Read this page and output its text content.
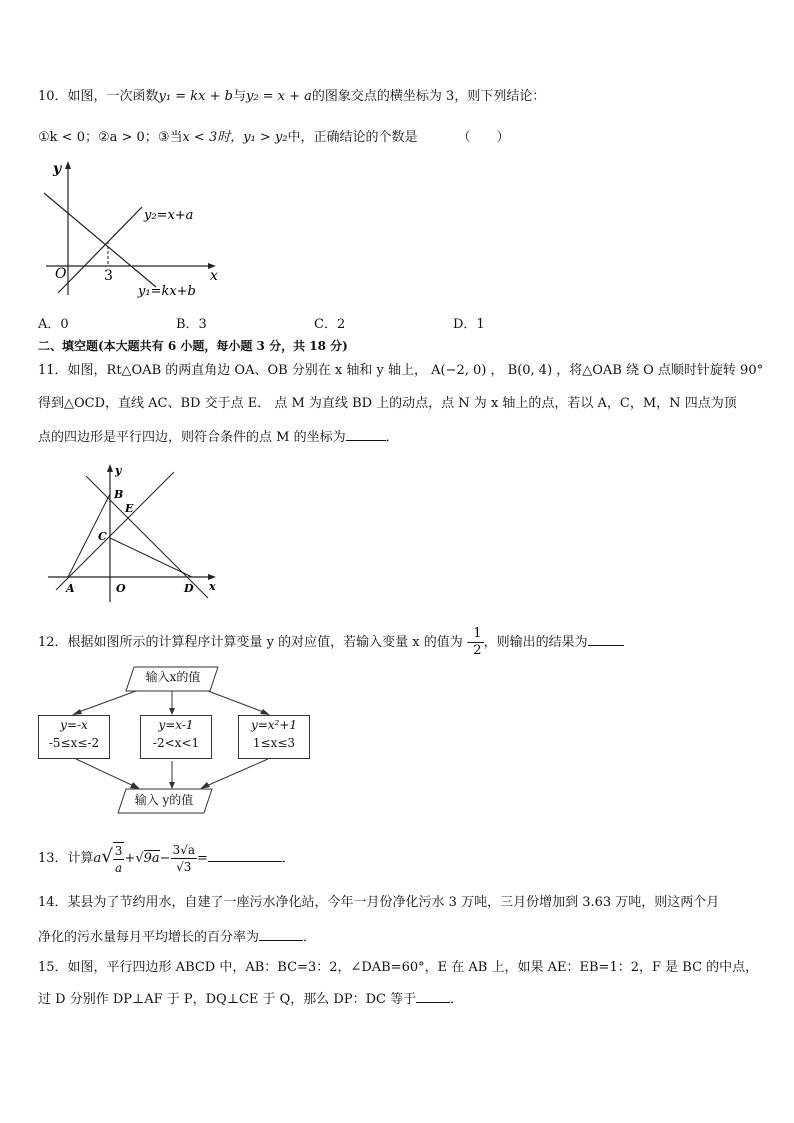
10．如图，一次函数y₁ = kx + b与y₂ = x + a的图象交点的横坐标为 3，则下列结论：
①k < 0；②a > 0；③当x < 3时，y₁ > y₂中，正确结论的个数是	（　　）
y
x
O	3
y₂=x+a
y₁=kx+b
A．0	B．3	C．2	D．1
二、填空题(本大题共有 6 小题，每小题 3 分，共 18 分)
11．如图，Rt△OAB 的两直角边 OA、OB 分别在 x 轴和 y 轴上， A(−2, 0) ， B(0, 4) ，将△OAB 绕 O 点顺时针旋转 90°
得到△OCD，直线 AC、BD 交于点 E． 点 M 为直线 BD 上的动点，点 N 为 x 轴上的点，若以 A，C，M，N 四点为顶
点的四边形是平行四边，则符合条件的点 M 的坐标为	．
y
x
B
E
C
A	O	D
12．根据如图所示的计算程序计算变量 y 的对应值，若输入变量 x 的值为 - $\frac{1}{2}$ ，则输出的结果为
输入x的值
y=-x
-5≤x≤-2
y=x-1
-2<x<1
y=x²+1
1≤x≤3
输入 y的值
13．计算$a√ \frac{3}{a} +√9a- \frac{3√a}{√3}$ =	．
14．某县为了节约用水，自建了一座污水净化站，今年一月份净化污水 3 万吨，三月份增加到 3.63 万吨，则这两个月
净化的污水量每月平均增长的百分率为	．
15．如图，平行四边形 ABCD 中，AB：BC=3：2，∠DAB=60°，E 在 AB 上，如果 AE：EB=1：2，F 是 BC 的中点，
过 D 分别作 DP⊥AF 于 P，DQ⊥CE 于 Q，那么 DP：DC 等于	．
